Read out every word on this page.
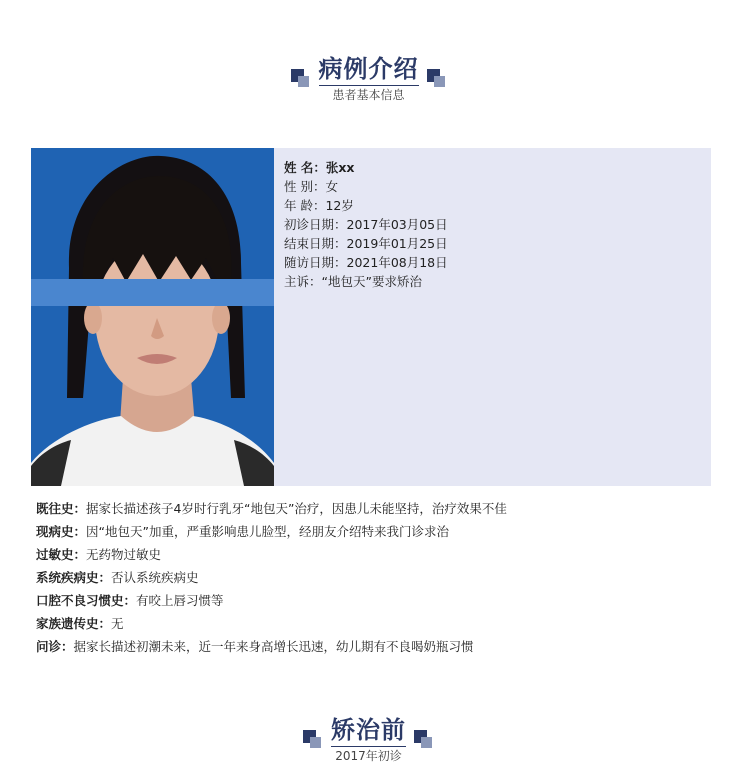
病例介绍
患者基本信息
姓 名：张xx
性 别：女
年 龄：12岁
初诊日期：2017年03月05日
结束日期：2019年01月25日
随访日期：2021年08月18日
主诉：“地包天”要求矫治
既往史：据家长描述孩子4岁时行乳牙“地包天”治疗，因患儿未能坚持，治疗效果不佳
现病史：因“地包天”加重，严重影响患儿脸型，经朋友介绍特来我门诊求治
过敏史：无药物过敏史
系统疾病史：否认系统疾病史
口腔不良习惯史：有咬上唇习惯等
家族遗传史：无
问诊：据家长描述初潮未来，近一年来身高增长迅速，幼儿期有不良喝奶瓶习惯
矫治前
2017年初诊
